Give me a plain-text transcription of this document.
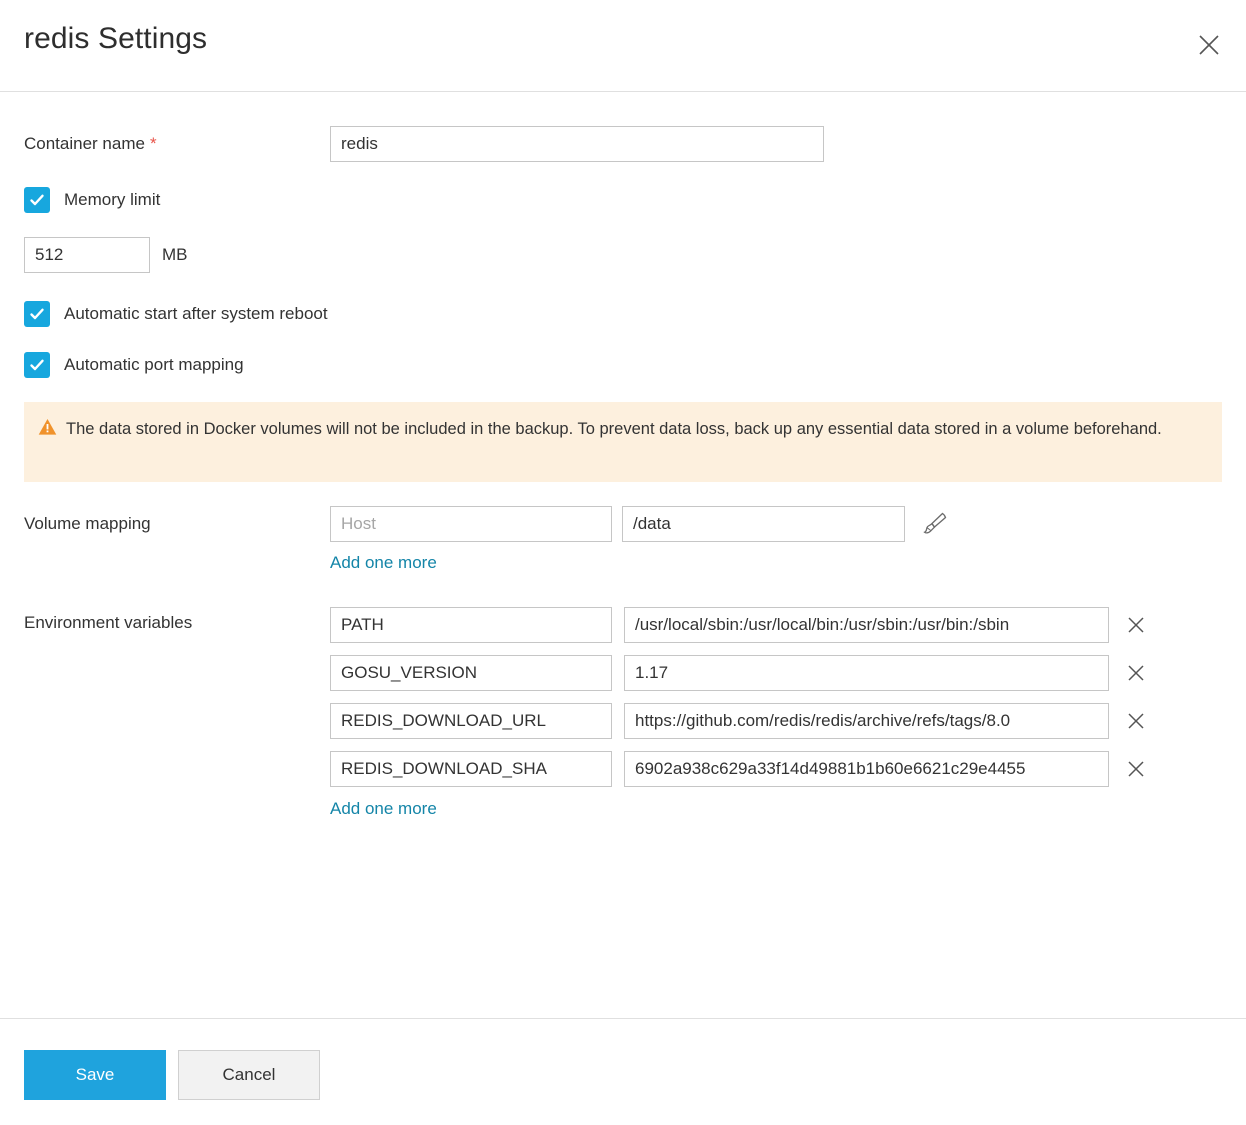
redis Settings
Container name *
redis
Memory limit
512
MB
Automatic start after system reboot
Automatic port mapping
The data stored in Docker volumes will not be included in the backup. To prevent data loss, back up any essential data stored in a volume beforehand.
Volume mapping
Host
/data
Add one more
Environment variables
PATH
/usr/local/sbin:/usr/local/bin:/usr/sbin:/usr/bin:/sbin
GOSU_VERSION
1.17
REDIS_DOWNLOAD_URL
https://github.com/redis/redis/archive/refs/tags/8.0
REDIS_DOWNLOAD_SHA
6902a938c629a33f14d49881b1b60e6621c29e4455
Add one more
Save	Cancel
